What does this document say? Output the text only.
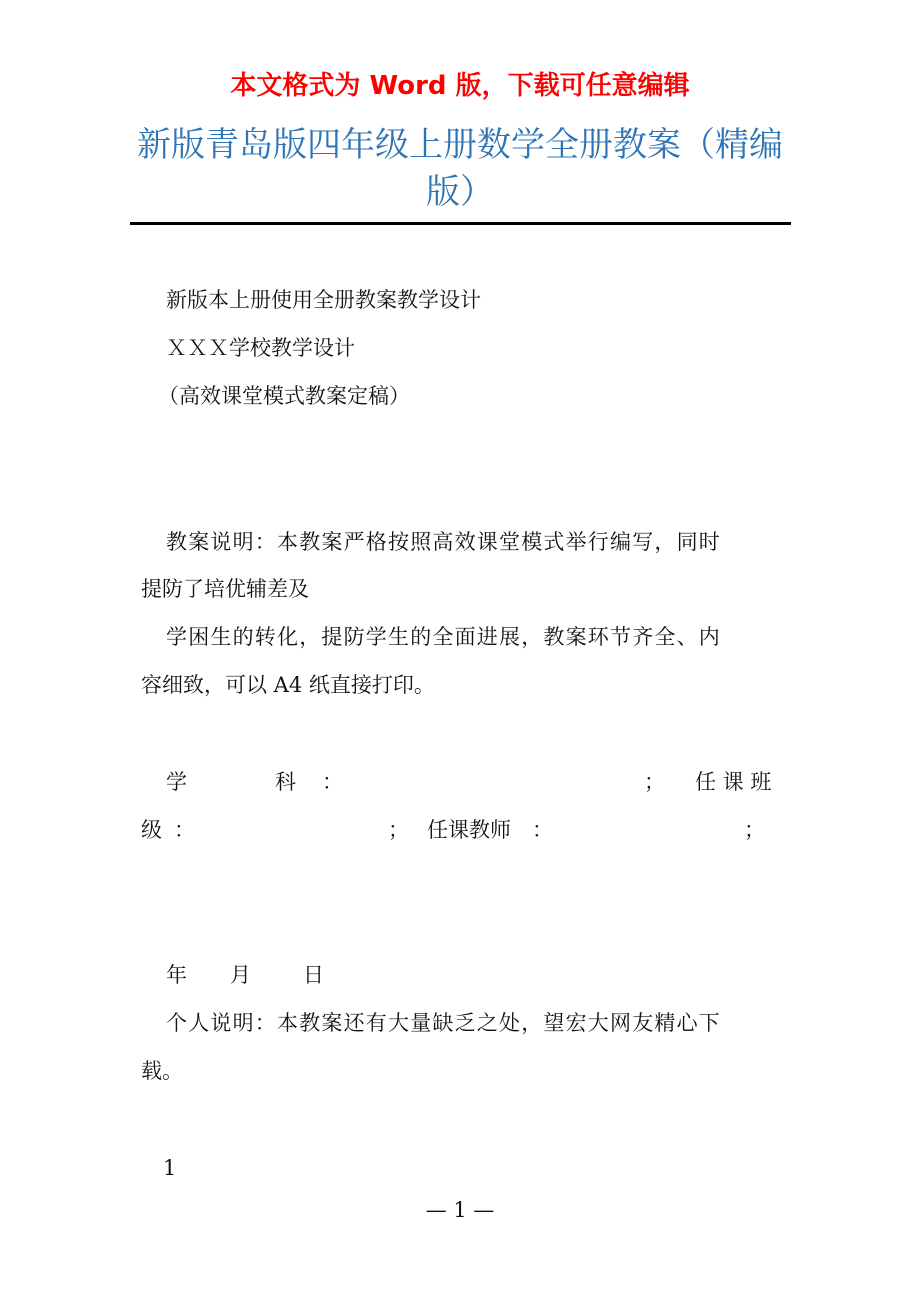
本文格式为 Word 版，下载可任意编辑
新版青岛版四年级上册数学全册教案（精编
版）
新版本上册使用全册教案教学设计
ＸＸＸ学校教学设计
（高效课堂模式教案定稿）
教案说明：本教案严格按照高效课堂模式举行编写，同时
提防了培优辅差及
学困生的转化，提防学生的全面进展，教案环节齐全、内
容细致，可以 A4 纸直接打印。
学	科 ：	； 任 课 班
级 ：	； 任课教师 ：	；
年 月 日
个人说明：本教案还有大量缺乏之处，望宏大网友精心下
载。
1
— 1 —
